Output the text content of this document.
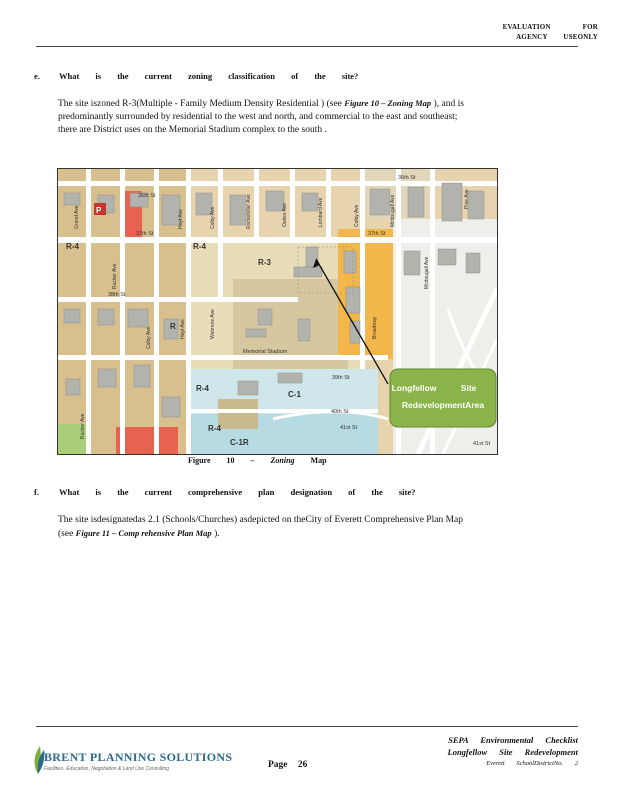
EVALUATION FOR
AGENCY USEONLY
e. What is the current zoning classification of the site?
The site iszoned R-3(Multiple - Family Medium Density Residential ) (see Figure 10 – Zoning Map ), and is predominantly surrounded by residential to the west and north, and commercial to the east and southeast; there are District uses on the Memorial Stadium complex to the south .
P
36th St
36th St
37th St	37th St
38th St
39th St
40th St
41st St
41st St
Memorial Stadium
Grand Ave
Rucker Ave
Hoyt Ave	Colby Ave	Rockefeller Ave	Oakes Ave	Lombard Ave	Colby Ave	Mcdougall Ave
Mcdougall Ave
Pine Ave
Wetmore Ave
Hoyt Ave
Colby Ave
Rucker Ave
Broadway
R-4	R-4
R-3
R-4
R-4
C-1
C-1R
R
Longfellow Site
RedevelopmentArea
Figure 10 – Zoning Map
f. What is the current comprehensive plan designation of the site?
The site isdesignatedas 2.1 (Schools/Churches) asdepicted on theCity of Everett Comprehensive Plan Map (see Figure 11 – Comp rehensive Plan Map ).
BRENT PLANNING SOLUTIONS
Facilities, Education, Negotiation & Land Use Consulting	Page 26
SEPA Environmental Checklist
Longfellow Site Redevelopment
Everett SchoolDistrictNo. 2
